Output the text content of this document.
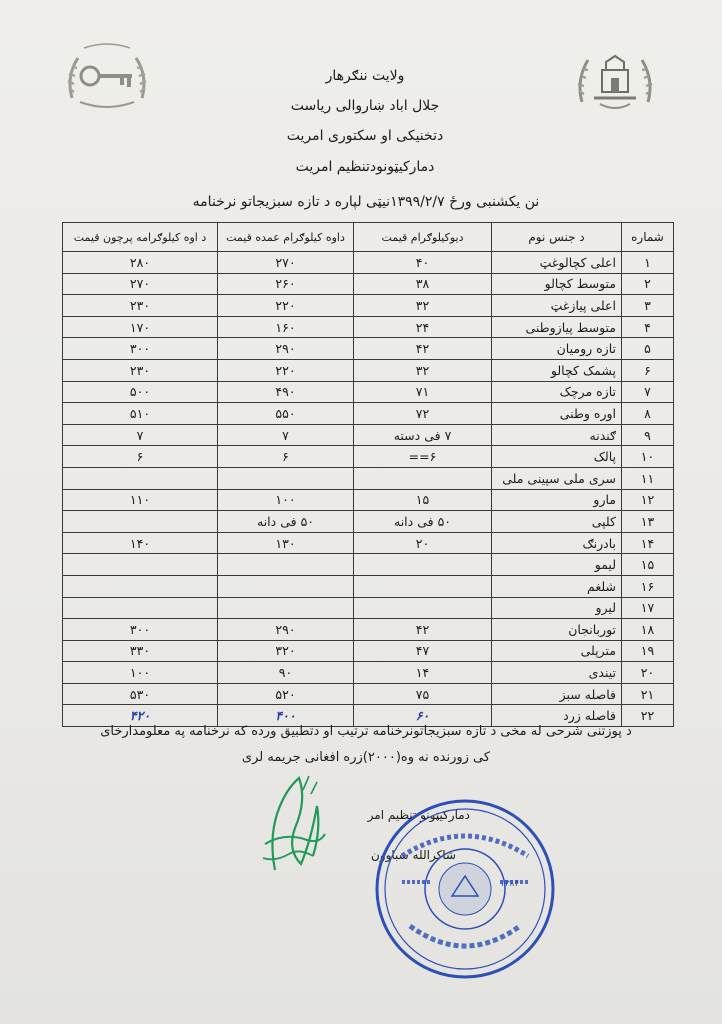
ولایت ننګرهار
جلال اباد ښاروالی ریاست
دتخنیکی او سکتوری امریت
دمارکیټونودتنظیم امریت
نن یکشنبی ورځ ۱۳۹۹/۲/۷نیټی لپاره د تازه سبزیجاتو نرخنامه
شماره	د جنس نوم	دیوکیلوګرام قیمت	داوه کیلوګرام عمده قیمت	د اوه کیلوګرامه پرچون قیمت
۱	اعلی کچالوغټ	۴۰	۲۷۰	۲۸۰
۲	متوسط کچالو	۳۸	۲۶۰	۲۷۰
۳	اعلی پیازغټ	۳۲	۲۲۰	۲۳۰
۴	متوسط پیازوطنی	۲۴	۱۶۰	۱۷۰
۵	تازه رومیان	۴۲	۲۹۰	۳۰۰
۶	پشمک کچالو	۳۲	۲۲۰	۲۳۰
۷	تازه مرچک	۷۱	۴۹۰	۵۰۰
۸	اوره وطنی	۷۲	۵۵۰	۵۱۰
۹	ګندنه	۷ فی دسته	۷	۷
۱۰	پالک	۶==	۶	۶
۱۱	سری ملی سپینی ملی			
۱۲	مارو	۱۵	۱۰۰	۱۱۰
۱۳	کلپی	۵۰ فی دانه	۵۰ فی دانه	
۱۴	بادرنګ	۲۰	۱۳۰	۱۴۰
۱۵	لیمو			
۱۶	شلغم			
۱۷	لیرو			
۱۸	توربانجان	۴۲	۲۹۰	۳۰۰
۱۹	مترپلی	۴۷	۳۲۰	۳۳۰
۲۰	تیندی	۱۴	۹۰	۱۰۰
۲۱	فاصله سبز	۷۵	۵۲۰	۵۳۰
۲۲	فاصله زرد	۶۰	۴۰۰	۴۲۰
د پوزتنی شرحی له مخی د تازه سبزیجاتونرخنامه ترتیب او دتطبیق ورده که نرخنامه په معلومدارخای
کی زورنده نه وه(۲۰۰۰)زره افغانی جریمه لری
دمارکیټونو تنظیم امر
شاکرالله سباوون
۱۳۸۴
